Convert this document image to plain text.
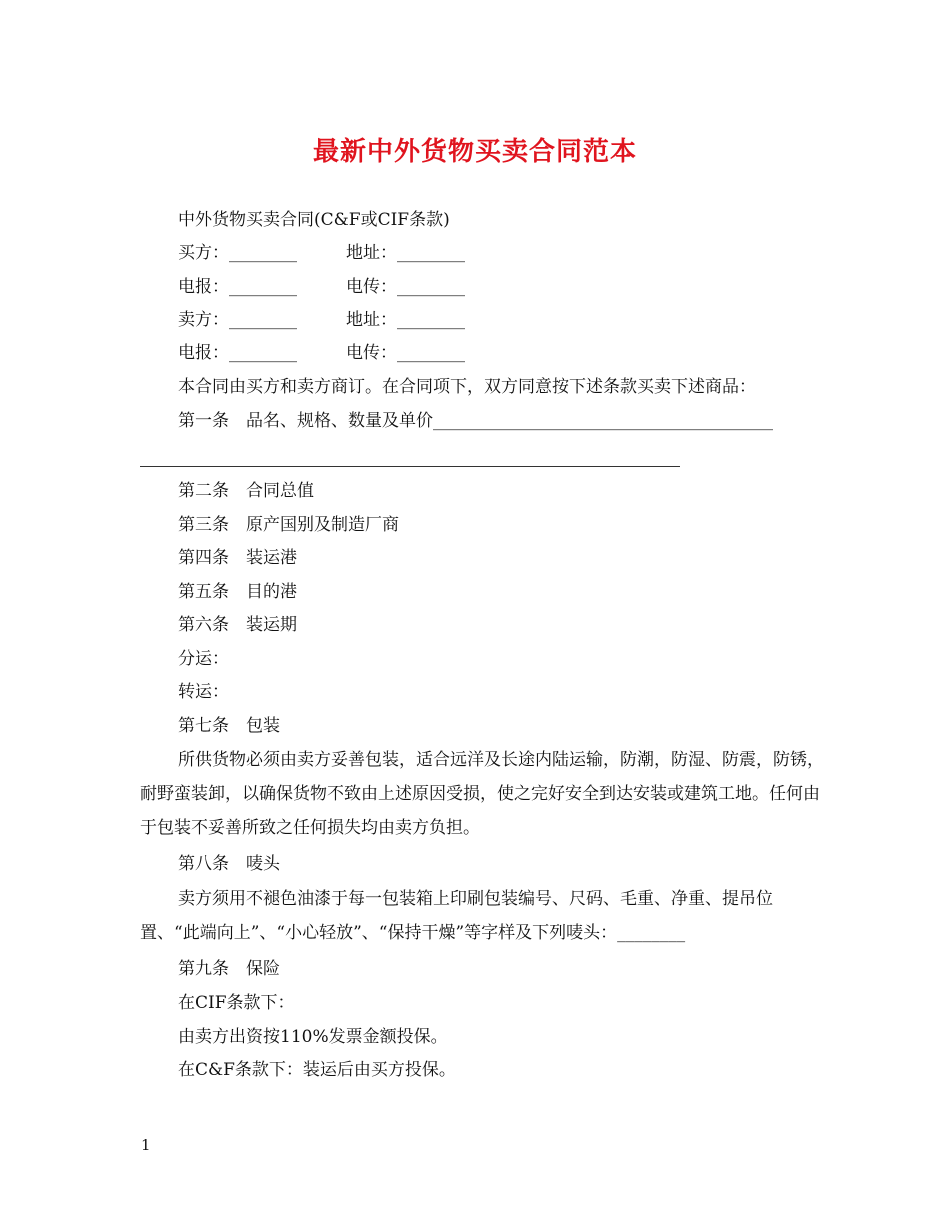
最新中外货物买卖合同范本
中外货物买卖合同(C&F或CIF条款)
买方：________	地址：________
电报：________	电传：________
卖方：________	地址：________
电报：________	电传：________
本合同由买方和卖方商订。在合同项下，双方同意按下述条款买卖下述商品：
第一条　品名、规格、数量及单价________________________________________
第二条　合同总值
第三条　原产国别及制造厂商
第四条　装运港
第五条　目的港
第六条　装运期
分运：
转运：
第七条　包装
所供货物必须由卖方妥善包装，适合远洋及长途内陆运输，防潮，防湿、防震，防锈，耐野蛮装卸，以确保货物不致由上述原因受损，使之完好安全到达安装或建筑工地。任何由于包装不妥善所致之任何损失均由卖方负担。
第八条　唛头
卖方须用不褪色油漆于每一包装箱上印刷包装编号、尺码、毛重、净重、提吊位置、“此端向上”、“小心轻放”、“保持干燥”等字样及下列唛头：________
第九条　保险
在CIF条款下：
由卖方出资按110%发票金额投保。
在C&F条款下：装运后由买方投保。
1
